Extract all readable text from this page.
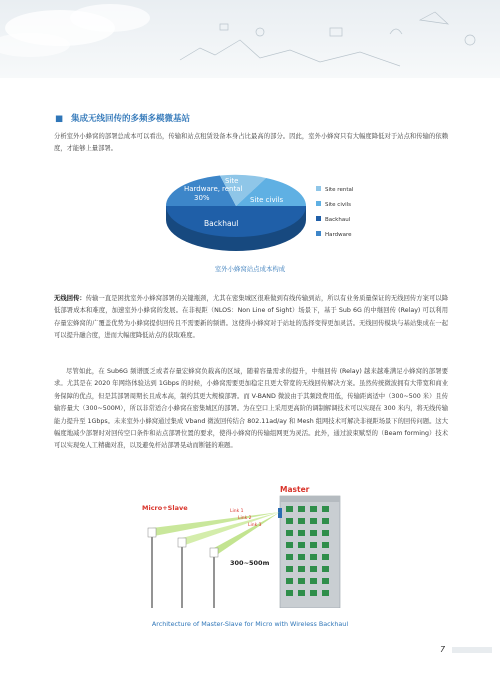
■ 集成无线回传的多频多模微基站
分析室外小蜂窝的部署总成本可以看出，传输和站点租赁设备本身占比最高的部分。因此，室外小蜂窝只有大幅度降低对于站点和传输的依赖度，才能够上量部署。
Hardware,
30%
Site
rental
Site civils
Backhaul
Site rental
Site civils
Backhaul
Hardware
室外小蜂窝站点成本构成
无线回传：传输一直是困扰室外小蜂窝部署的关键瓶颈，尤其在密集城区很难做到有线传输到站，所以有业务质量保证的无线回传方案可以降低部署成本和难度，加速室外小蜂窝的发展。在非视距（NLOS：Non Line of Sight）场景下，基于 Sub 6G 的中继回传 (Relay) 可以利用存量宏蜂窝的广覆盖优势为小蜂窝提供回传且不需要新的频谱。这使得小蜂窝对于站址的选择变得更加灵活。无线回传模块与基站集成在一起可以提升融合度，进而大幅度降低站点的获取难度。
尽管如此，在 Sub6G 频谱匮乏或者存量宏蜂窝负载高的区域，随着容量需求的提升，中继回传 (Relay) 越来越难满足小蜂窝的部署要求。尤其是在 2020 年网络体验达到 1Gbps 的时候，小蜂窝需要更加稳定且更大带宽的无线回传解决方案。虽然传统微波拥有大带宽和商业务保障的优点，但是其部署周期长且成本高，制约其更大规模部署。而 V-BAND 微波由于其频段费用低，传输距离适中（300~500 米）且传输容量大（300~500M），所以非常适合小蜂窝在密集城区的部署。为在空口上采用更高阶的调制解调技术可以实现在 300 米内，将无线传输能力提升至 1Gbps。未来室外小蜂窝通过集成 Vband 微波回传结合 802.11ad/ay 和 Mesh 组网技术可解决非视距场景下的回传问题。这大幅度地减少部署时对回传空口条件和站点部署位置的要求，使得小蜂窝的传输组网更为灵活。此外，通过波束赋型的（Beam forming）技术可以实现免人工精确对准，以及避免杆站部署晃动而断链的难题。
Master
Micro+Slave	Link 1
Link 2
Link 3
300~500m
Architecture of Master-Slave for Micro with Wireless Backhaul
7
